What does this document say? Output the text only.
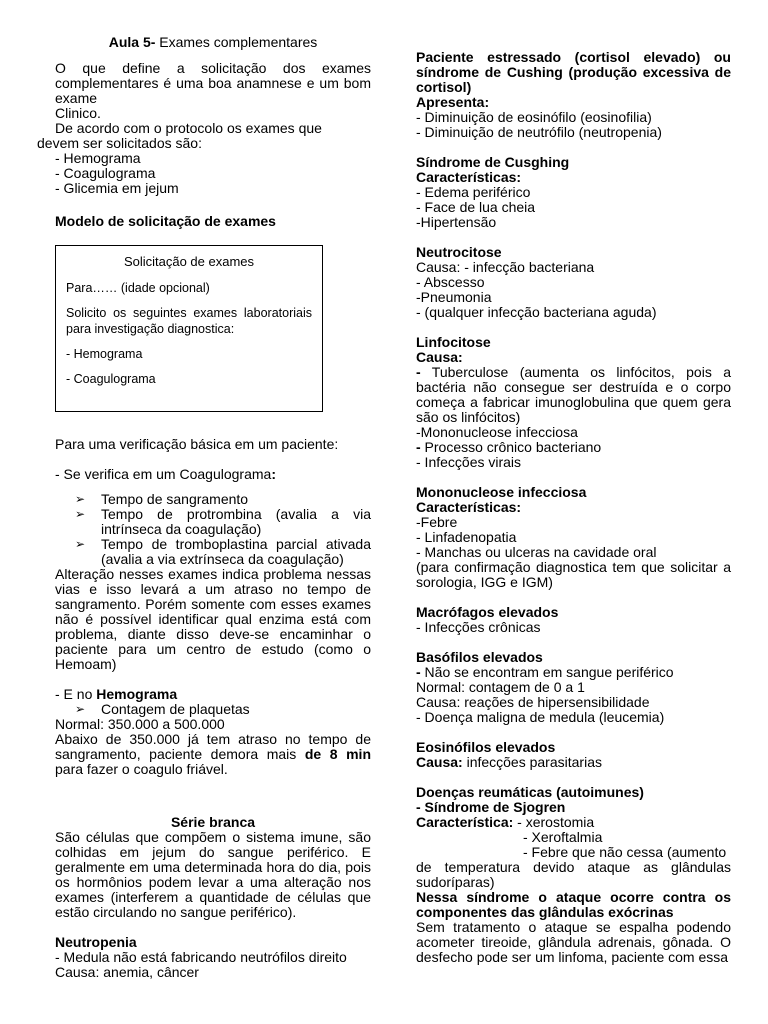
Aula 5- Exames complementares

O que define a solicitação dos exames complementares é uma boa anamnese e um bom exame

Clinico.

De acordo com o protocolo os exames que

devem ser solicitados são:

- Hemograma

- Coagulograma

- Glicemia em jejum

Modelo de solicitação de exames

Para uma verificação básica em um paciente:

- Se verifica em um Coagulograma:

➢ Tempo de sangramento

➢ Tempo de protrombina (avalia a via intrínseca da coagulação)

➢ Tempo de tromboplastina parcial ativada (avalia a via extrínseca da coagulação)

Alteração nesses exames indica problema nessas vias e isso levará a um atraso no tempo de sangramento. Porém somente com esses exames não é possível identificar qual enzima está com problema, diante disso deve-se encaminhar o paciente para um centro de estudo (como o Hemoam)

- E no Hemograma

➢ Contagem de plaquetas

Normal: 350.000 a 500.000

Abaixo de 350.000 já tem atraso no tempo de sangramento, paciente demora mais de 8 min para fazer o coagulo friável.

Série branca

São células que compõem o sistema imune, são colhidas em jejum do sangue periférico. E geralmente em uma determinada hora do dia, pois os hormônios podem levar a uma alteração nos exames (interferem a quantidade de células que estão circulando no sangue periférico).

Neutropenia

- Medula não está fabricando neutrófilos direito

Causa: anemia, câncer

Solicitação de exames

Para…… (idade opcional)

Solicito os seguintes exames laboratoriais para investigação diagnostica:

- Hemograma

- Coagulograma

Paciente estressado (cortisol elevado) ou síndrome de Cushing (produção excessiva de cortisol)

Apresenta:

- Diminuição de eosinófilo (eosinofilia)

- Diminuição de neutrófilo (neutropenia)

Síndrome de Cusghing

Características:

- Edema periférico

- Face de lua cheia

-Hipertensão

Neutrocitose

Causa: - infecção bacteriana

- Abscesso

-Pneumonia

- (qualquer infecção bacteriana aguda)

Linfocitose

Causa:

- Tuberculose (aumenta os linfócitos, pois a bactéria não consegue ser destruída e o corpo começa a fabricar imunoglobulina que quem gera são os linfócitos)

-Mononucleose infecciosa

- Processo crônico bacteriano

- Infecções virais

Mononucleose infecciosa

Características:

-Febre

- Linfadenopatia

- Manchas ou ulceras na cavidade oral

(para confirmação diagnostica tem que solicitar a sorologia, IGG e IGM)

Macrófagos elevados

- Infecções crônicas

Basófilos elevados

- Não se encontram em sangue periférico

Normal: contagem de 0 a 1

Causa: reações de hipersensibilidade

- Doença maligna de medula (leucemia)

Eosinófilos elevados

Causa: infecções parasitarias

Doenças reumáticas (autoimunes)

- Síndrome de Sjogren

Característica: - xerostomia

- Xeroftalmia

- Febre que não cessa (aumento

de temperatura devido ataque as glândulas sudoríparas)

Nessa síndrome o ataque ocorre contra os componentes das glândulas exócrinas

Sem tratamento o ataque se espalha podendo acometer tireoide, glândula adrenais, gônada. O desfecho pode ser um linfoma, paciente com essa
